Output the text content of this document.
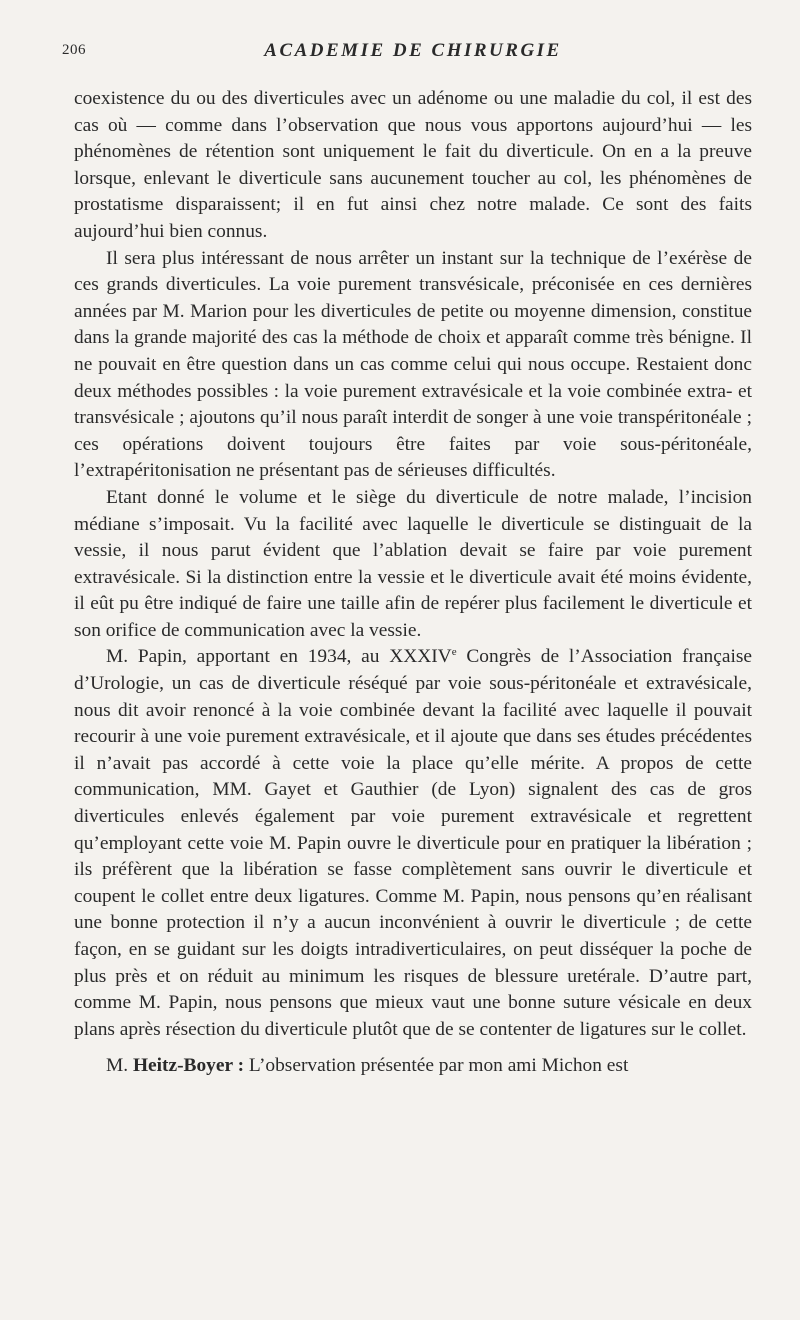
206	ACADEMIE DE CHIRURGIE

coexistence du ou des diverticules avec un adénome ou une maladie du col, il est des cas où — comme dans l’observation que nous vous apportons aujourd’hui — les phénomènes de rétention sont uniquement le fait du diverticule. On en a la preuve lorsque, enlevant le diverticule sans aucunement toucher au col, les phénomènes de prostatisme disparaissent; il en fut ainsi chez notre malade. Ce sont des faits aujourd’hui bien connus.

Il sera plus intéressant de nous arrêter un instant sur la technique de l’exérèse de ces grands diverticules. La voie purement transvésicale, préconisée en ces dernières années par M. Marion pour les diverticules de petite ou moyenne dimension, constitue dans la grande majorité des cas la méthode de choix et apparaît comme très bénigne. Il ne pouvait en être question dans un cas comme celui qui nous occupe. Restaient donc deux méthodes possibles : la voie purement extravésicale et la voie combinée extra- et transvésicale ; ajoutons qu’il nous paraît interdit de songer à une voie transpéritonéale ; ces opérations doivent toujours être faites par voie sous-péritonéale, l’extrapéritonisation ne présentant pas de sérieuses difficultés.

Etant donné le volume et le siège du diverticule de notre malade, l’incision médiane s’imposait. Vu la facilité avec laquelle le diverticule se distinguait de la vessie, il nous parut évident que l’ablation devait se faire par voie purement extravésicale. Si la distinction entre la vessie et le diverticule avait été moins évidente, il eût pu être indiqué de faire une taille afin de repérer plus facilement le diverticule et son orifice de communication avec la vessie.

M. Papin, apportant en 1934, au XXXIVe Congrès de l’Association française d’Urologie, un cas de diverticule réséqué par voie sous-péritonéale et extravésicale, nous dit avoir renoncé à la voie combinée devant la facilité avec laquelle il pouvait recourir à une voie purement extravésicale, et il ajoute que dans ses études précédentes il n’avait pas accordé à cette voie la place qu’elle mérite. A propos de cette communication, MM. Gayet et Gauthier (de Lyon) signalent des cas de gros diverticules enlevés également par voie purement extravésicale et regrettent qu’employant cette voie M. Papin ouvre le diverticule pour en pratiquer la libération ; ils préfèrent que la libération se fasse complètement sans ouvrir le diverticule et coupent le collet entre deux ligatures. Comme M. Papin, nous pensons qu’en réalisant une bonne protection il n’y a aucun inconvénient à ouvrir le diverticule ; de cette façon, en se guidant sur les doigts intradiverticulaires, on peut disséquer la poche de plus près et on réduit au minimum les risques de blessure uretérale. D’autre part, comme M. Papin, nous pensons que mieux vaut une bonne suture vésicale en deux plans après résection du diverticule plutôt que de se contenter de ligatures sur le collet.

M. Heitz-Boyer : L’observation présentée par mon ami Michon est
